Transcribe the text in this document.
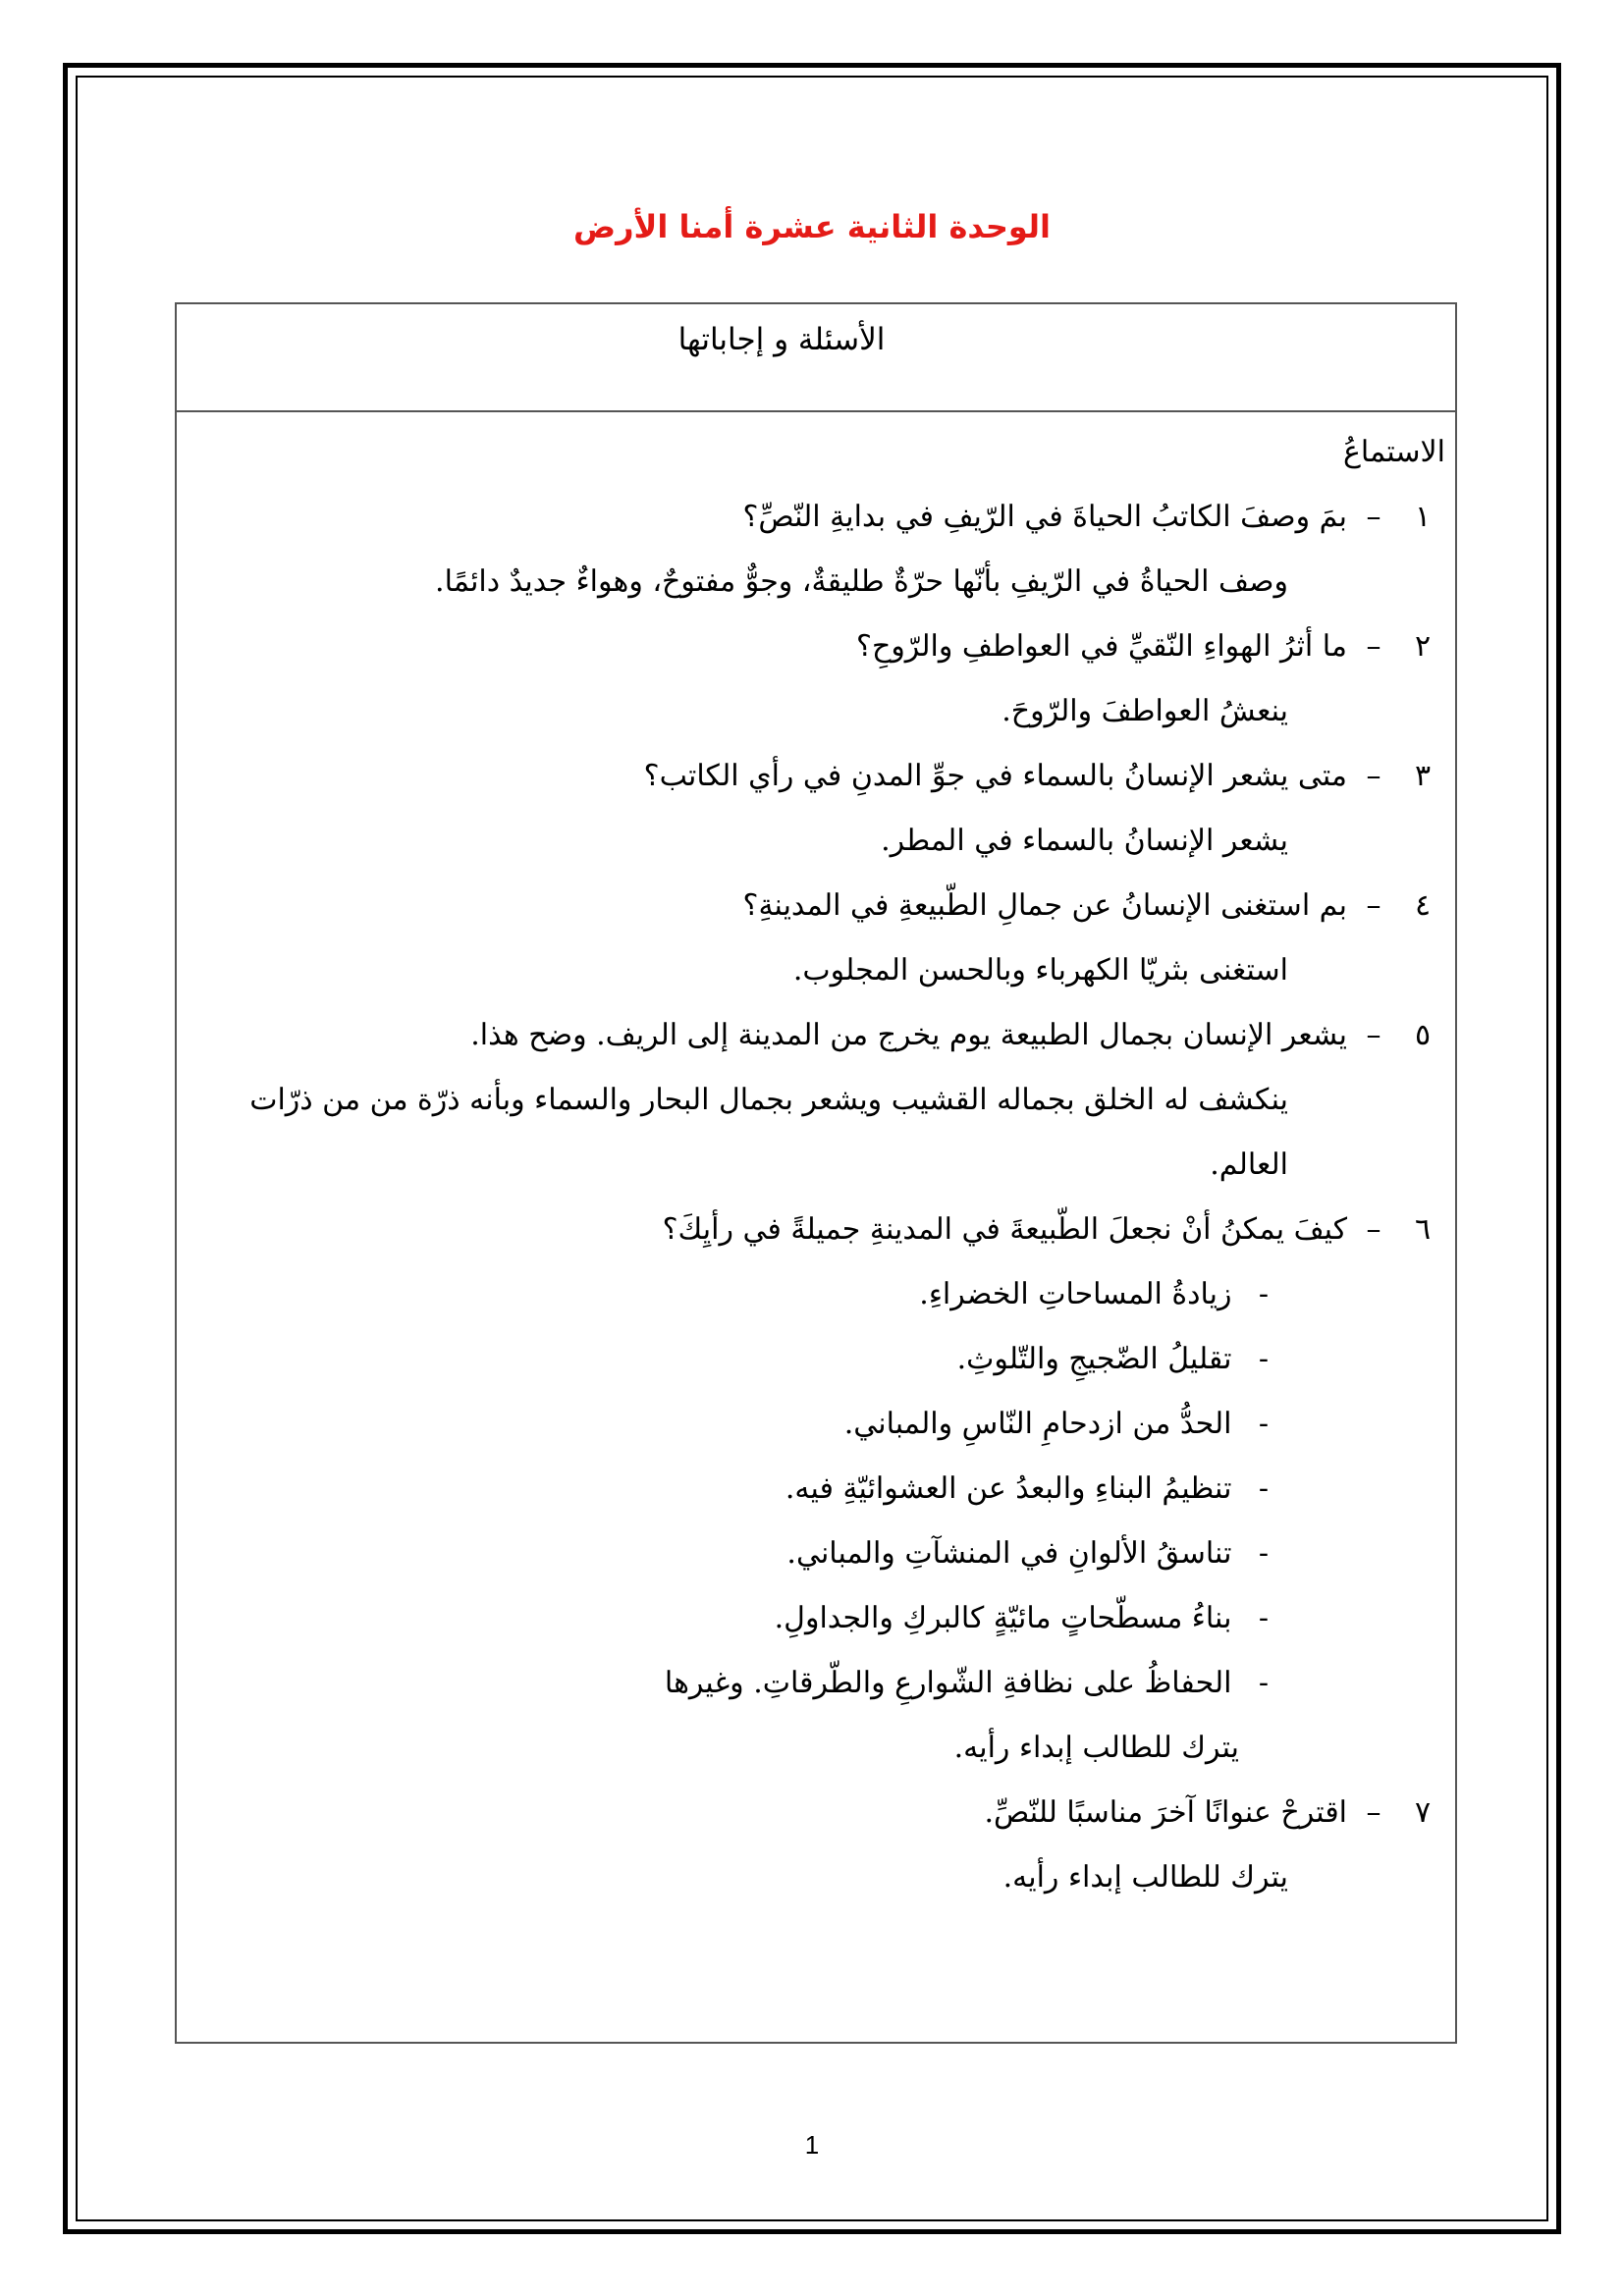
الوحدة الثانية عشرة أمنا الأرض
الأسئلة و إجاباتها
الاستماعُ
١–بمَ وصفَ الكاتبُ الحياةَ في الرّيفِ في بدايةِ النّصِّ؟
وصف الحياةُ في الرّيفِ بأنّها حرّةٌ طليقةٌ، وجوٌّ مفتوحٌ، وهواءٌ جديدٌ دائمًا.
٢–ما أثرُ الهواءِ النّقيِّ في العواطفِ والرّوحِ؟
ينعشُ العواطفَ والرّوحَ.
٣–متى يشعر الإنسانُ بالسماء في جوِّ المدنِ في رأي الكاتب؟
يشعر الإنسانُ بالسماء في المطر.
٤–بم استغنى الإنسانُ عن جمالِ الطّبيعةِ في المدينةِ؟
استغنى بثريّا الكهرباء وبالحسن المجلوب.
٥–يشعر الإنسان بجمال الطبيعة يوم يخرج من المدينة إلى الريف. وضح هذا.
ينكشف له الخلق بجماله القشيب ويشعر بجمال البحار والسماء وبأنه ذرّة من من ذرّات العالم.
٦–كيفَ يمكنُ أنْ نجعلَ الطّبيعةَ في المدينةِ جميلةً في رأيِكَ؟
- زيادةُ المساحاتِ الخضراءِ.
- تقليلُ الضّجيجِ والتّلوثِ.
- الحدُّ من ازدحامِ النّاسِ والمباني.
- تنظيمُ البناءِ والبعدُ عن العشوائيّةِ فيه.
- تناسقُ الألوانِ في المنشآتِ والمباني.
- بناءُ مسطّحاتٍ مائيّةٍ كالبركِ والجداولِ.
- الحفاظُ على نظافةِ الشّوارعِ والطّرقاتِ. وغيرها
يترك للطالب إبداء رأيه.
٧–اقترحْ عنوانًا آخرَ مناسبًا للنّصِّ.
يترك للطالب إبداء رأيه.
1
